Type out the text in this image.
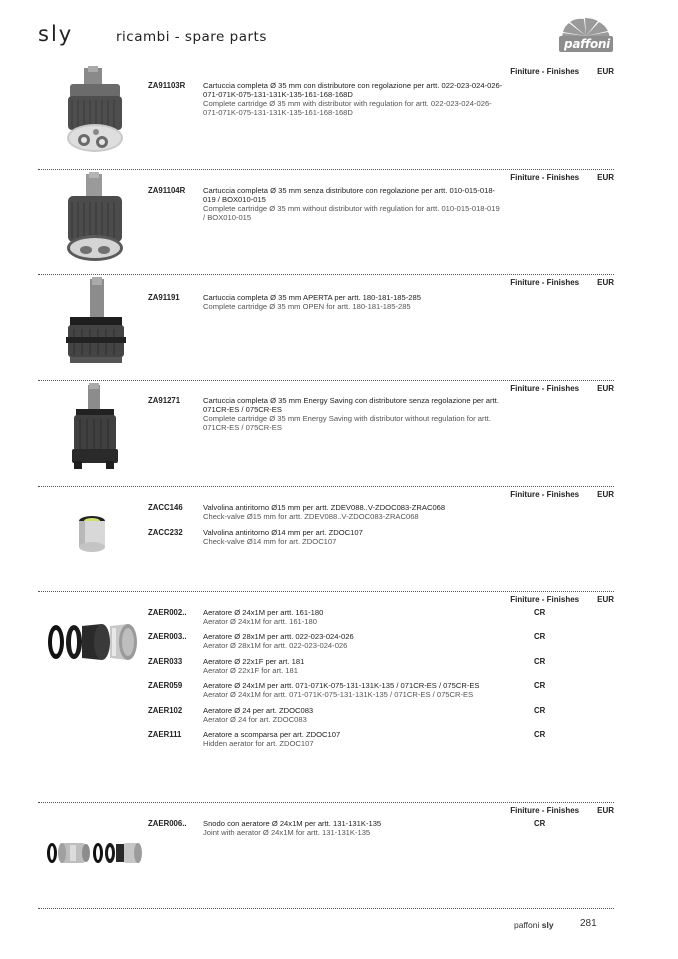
sly	ricambi - spare parts	paffoni
Finiture - Finishes EUR
ZA91103R Cartuccia completa Ø 35 mm con distributore con regolazione per artt. 022-023-024-026-071-071K-075-131-131K-135-161-168-168D
Complete cartridge Ø 35 mm with distributor with regulation for artt. 022-023-024-026-071-071K-075-131-131K-135-161-168-168D
Finiture - Finishes EUR
ZA91104R Cartuccia completa Ø 35 mm senza distributore con regolazione per artt. 010-015-018-019 / BOX010-015
Complete cartridge Ø 35 mm without distributor with regulation for artt. 010-015-018-019 / BOX010-015
Finiture - Finishes EUR
ZA91191	Cartuccia completa Ø 35 mm APERTA per artt. 180-181-185-285
Complete cartridge Ø 35 mm OPEN for artt. 180-181-185-285
Finiture - Finishes EUR
ZA91271	Cartuccia completa Ø 35 mm Energy Saving con distributore senza regolazione per artt. 071CR-ES / 075CR-ES
Complete cartridge Ø 35 mm Energy Saving with distributor without regulation for artt. 071CR-ES / 075CR-ES
Finiture - Finishes EUR
ZACC146	Valvolina antiritorno Ø15 mm per artt. ZDEV088..V-ZDOC083-ZRAC068
Check-valve Ø15 mm for artt. ZDEV088..V-ZDOC083-ZRAC068
ZACC232	Valvolina antiritorno Ø14 mm per art. ZDOC107
Check-valve Ø14 mm for art. ZDOC107
Finiture - Finishes EUR
ZAER002.. Aeratore Ø 24x1M per artt. 161-180
Aerator Ø 24x1M for artt. 161-180
CR
ZAER003.. Aeratore Ø 28x1M per artt. 022-023-024-026
Aerator Ø 28x1M for artt. 022-023-024-026
CR
ZAER033	Aeratore Ø 22x1F per art. 181
Aerator Ø 22x1F for art. 181
CR
ZAER059	Aeratore Ø 24x1M per artt. 071-071K-075-131-131K-135 / 071CR-ES / 075CR-ES
Aerator Ø 24x1M for artt. 071-071K-075-131-131K-135 / 071CR-ES / 075CR-ES
CR
ZAER102	Aeratore Ø 24 per art. ZDOC083
Aerator Ø 24 for art. ZDOC083
CR
ZAER111	Aeratore a scomparsa per art. ZDOC107
Hidden aerator for art. ZDOC107
CR
Finiture - Finishes EUR
ZAER006.. Snodo con aeratore Ø 24x1M per artt. 131-131K-135
Joint with aerator Ø 24x1M for artt. 131-131K-135
CR
paffoni sly	281
